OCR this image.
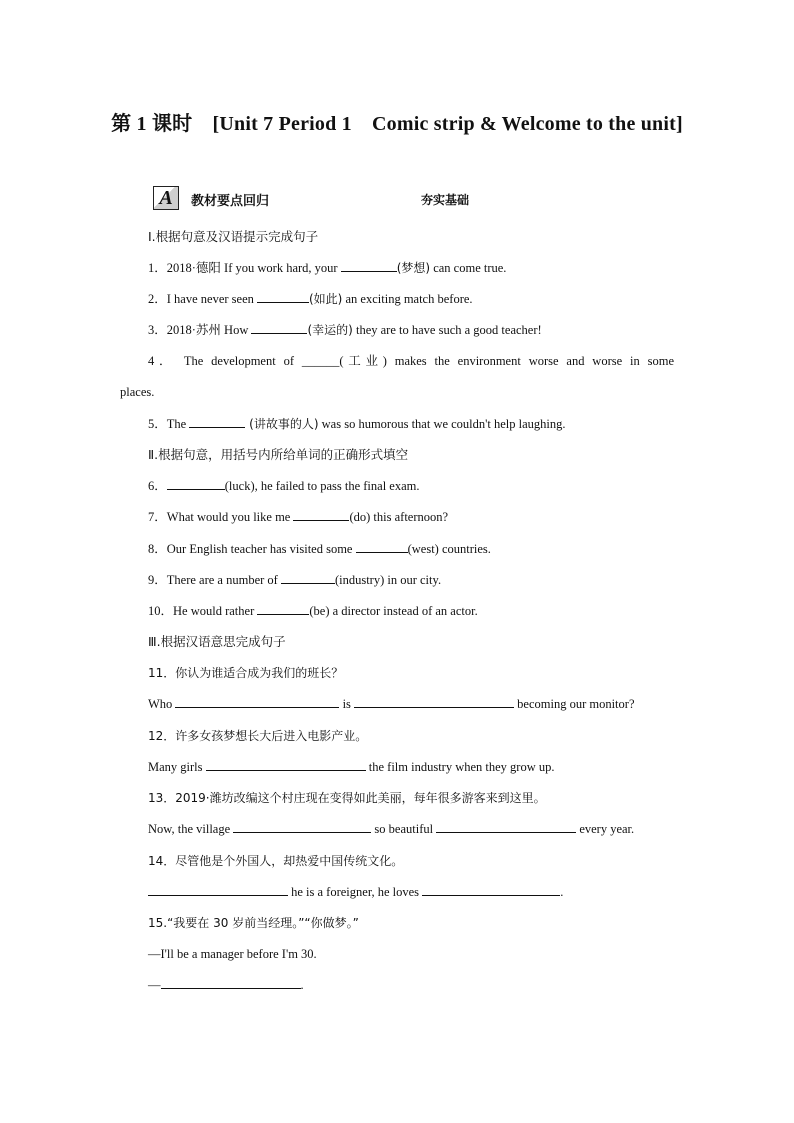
第 1 课时　[Unit 7 Period 1　Comic strip & Welcome to the unit]
A	教材要点回归	夯实基础
Ⅰ.根据句意及汉语提示完成句子
1．2018·德阳 If you work hard, your	(梦想) can come true.
2．I have never seen	(如此) an exciting match before.
3．2018·苏州 How	(幸运的) they are to have such a good teacher!
4． The development of ______(工业) makes the environment worse and worse in some
places.
5．The	(讲故事的人) was so humorous that we couldn't help laughing.
Ⅱ.根据句意，用括号内所给单词的正确形式填空
6．	(luck), he failed to pass the final exam.
7．What would you like me	(do) this afternoon?
8．Our English teacher has visited some	(west) countries.
9．There are a number of	(industry) in our city.
10．He would rather	(be) a director instead of an actor.
Ⅲ.根据汉语意思完成句子
11．你认为谁适合成为我们的班长？
Who	is	becoming our monitor?
12．许多女孩梦想长大后进入电影产业。
Many girls	the film industry when they grow up.
13．2019·潍坊改编这个村庄现在变得如此美丽，每年很多游客来到这里。
Now, the village	so beautiful	every year.
14．尽管他是个外国人，却热爱中国传统文化。
he is a foreigner, he loves	.
15.“我要在 30 岁前当经理。”“你做梦。”
—I'll be a manager before I'm 30.
—	.
